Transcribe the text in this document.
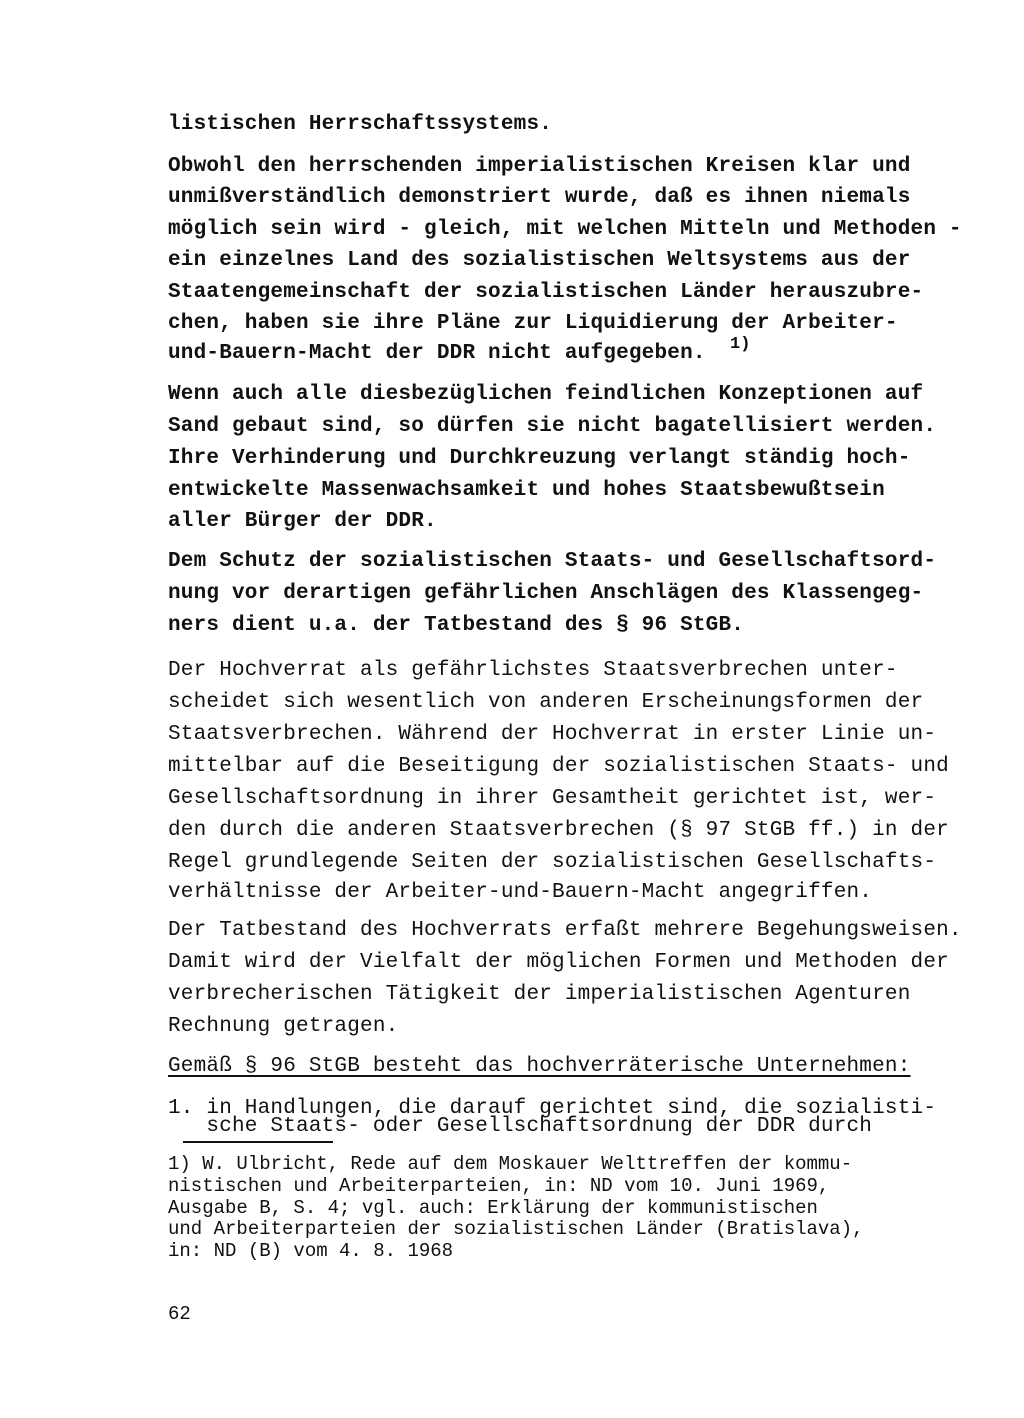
listischen Herrschaftssystems.
Obwohl den herrschenden imperialistischen Kreisen klar und
unmißverständlich demonstriert wurde, daß es ihnen niemals
möglich sein wird - gleich, mit welchen Mitteln und Methoden -
ein einzelnes Land des sozialistischen Weltsystems aus der
Staatengemeinschaft der sozialistischen Länder herauszubre-
chen, haben sie ihre Pläne zur Liquidierung der Arbeiter-
und-Bauern-Macht der DDR nicht aufgegeben. 1)
Wenn auch alle diesbezüglichen feindlichen Konzeptionen auf
Sand gebaut sind, so dürfen sie nicht bagatellisiert werden.
Ihre Verhinderung und Durchkreuzung verlangt ständig hoch-
entwickelte Massenwachsamkeit und hohes Staatsbewußtsein
aller Bürger der DDR.
Dem Schutz der sozialistischen Staats- und Gesellschaftsord-
nung vor derartigen gefährlichen Anschlägen des Klassengeg-
ners dient u.a. der Tatbestand des § 96 StGB.
Der Hochverrat als gefährlichstes Staatsverbrechen unter-
scheidet sich wesentlich von anderen Erscheinungsformen der
Staatsverbrechen. Während der Hochverrat in erster Linie un-
mittelbar auf die Beseitigung der sozialistischen Staats- und
Gesellschaftsordnung in ihrer Gesamtheit gerichtet ist, wer-
den durch die anderen Staatsverbrechen (§ 97 StGB ff.) in der
Regel grundlegende Seiten der sozialistischen Gesellschafts-
verhältnisse der Arbeiter-und-Bauern-Macht angegriffen.
Der Tatbestand des Hochverrats erfaßt mehrere Begehungsweisen.
Damit wird der Vielfalt der möglichen Formen und Methoden der
verbrecherischen Tätigkeit der imperialistischen Agenturen
Rechnung getragen.
Gemäß § 96 StGB besteht das hochverräterische Unternehmen:
1. in Handlungen, die darauf gerichtet sind, die sozialisti-
sche Staats- oder Gesellschaftsordnung der DDR durch
1) W. Ulbricht, Rede auf dem Moskauer Welttreffen der kommu-
nistischen und Arbeiterparteien, in: ND vom 10. Juni 1969,
Ausgabe B, S. 4; vgl. auch: Erklärung der kommunistischen
und Arbeiterparteien der sozialistischen Länder (Bratislava),
in: ND (B) vom 4. 8. 1968
62
